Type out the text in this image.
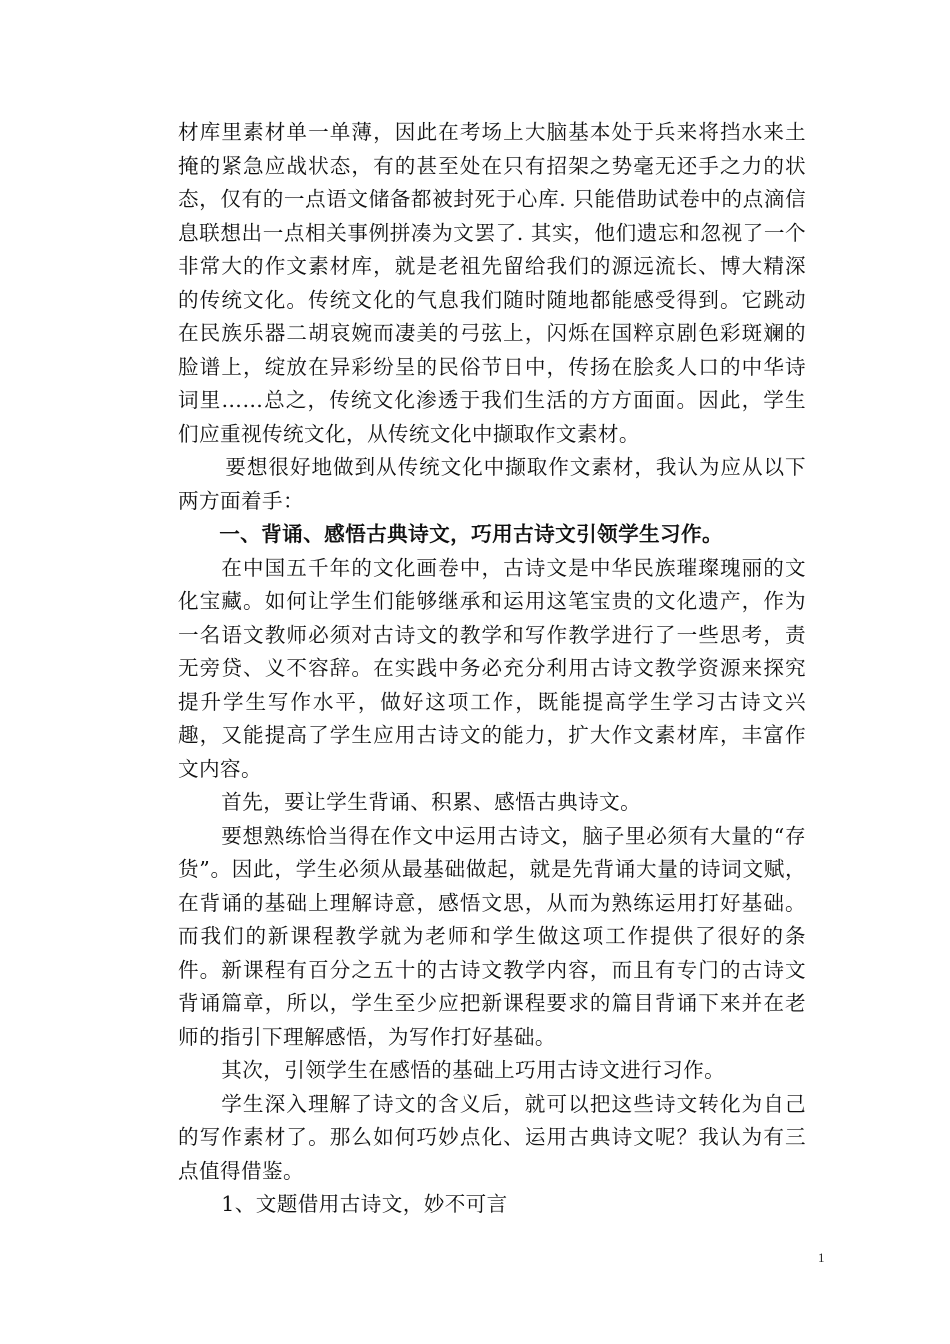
材库里素材单一单薄，因此在考场上大脑基本处于兵来将挡水来土掩的紧急应战状态，有的甚至处在只有招架之势毫无还手之力的状态，仅有的一点语文储备都被封死于心库. 只能借助试卷中的点滴信息联想出一点相关事例拼凑为文罢了. 其实，他们遗忘和忽视了一个非常大的作文素材库，就是老祖先留给我们的源远流长、博大精深的传统文化。传统文化的气息我们随时随地都能感受得到。它跳动在民族乐器二胡哀婉而凄美的弓弦上，闪烁在国粹京剧色彩斑斓的脸谱上，绽放在异彩纷呈的民俗节日中，传扬在脍炙人口的中华诗词里……总之，传统文化渗透于我们生活的方方面面。因此，学生们应重视传统文化，从传统文化中撷取作文素材。

要想很好地做到从传统文化中撷取作文素材，我认为应从以下两方面着手：

一、背诵、感悟古典诗文，巧用古诗文引领学生习作。

在中国五千年的文化画卷中，古诗文是中华民族璀璨瑰丽的文化宝藏。如何让学生们能够继承和运用这笔宝贵的文化遗产，作为一名语文教师必须对古诗文的教学和写作教学进行了一些思考，责无旁贷、义不容辞。在实践中务必充分利用古诗文教学资源来探究提升学生写作水平，做好这项工作，既能提高学生学习古诗文兴趣，又能提高了学生应用古诗文的能力，扩大作文素材库，丰富作文内容。

首先，要让学生背诵、积累、感悟古典诗文。

要想熟练恰当得在作文中运用古诗文，脑子里必须有大量的“存货”。因此，学生必须从最基础做起，就是先背诵大量的诗词文赋，在背诵的基础上理解诗意，感悟文思，从而为熟练运用打好基础。而我们的新课程教学就为老师和学生做这项工作提供了很好的条件。新课程有百分之五十的古诗文教学内容，而且有专门的古诗文背诵篇章，所以，学生至少应把新课程要求的篇目背诵下来并在老师的指引下理解感悟，为写作打好基础。

其次，引领学生在感悟的基础上巧用古诗文进行习作。

学生深入理解了诗文的含义后，就可以把这些诗文转化为自己的写作素材了。那么如何巧妙点化、运用古典诗文呢？我认为有三点值得借鉴。

1、文题借用古诗文，妙不可言

1
